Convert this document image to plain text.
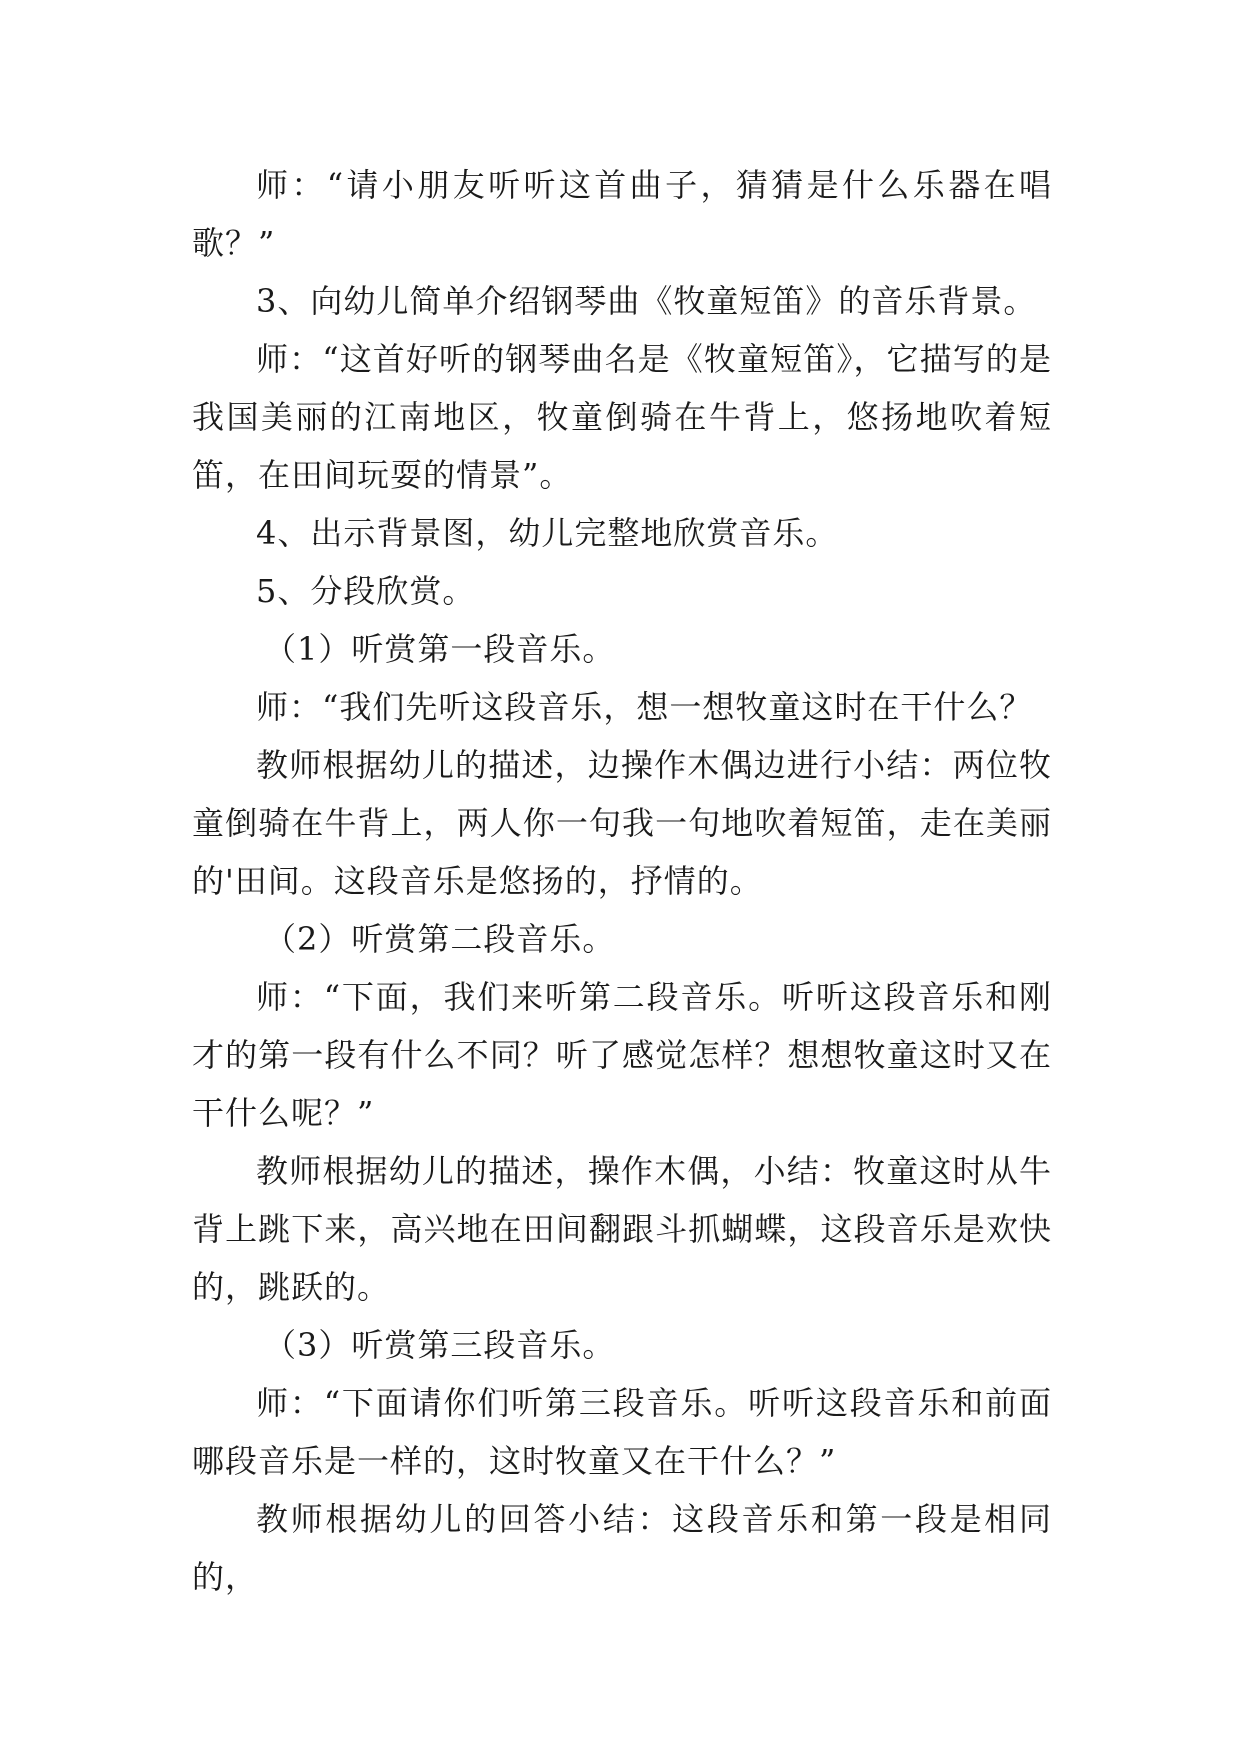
师：“请小朋友听听这首曲子，猜猜是什么乐器在唱歌？”

3、向幼儿简单介绍钢琴曲《牧童短笛》的音乐背景。

师：“这首好听的钢琴曲名是《牧童短笛》，它描写的是我国美丽的江南地区，牧童倒骑在牛背上，悠扬地吹着短笛，在田间玩耍的情景”。

4、出示背景图，幼儿完整地欣赏音乐。

5、分段欣赏。

（1）听赏第一段音乐。

师：“我们先听这段音乐，想一想牧童这时在干什么？

教师根据幼儿的描述，边操作木偶边进行小结：两位牧童倒骑在牛背上，两人你一句我一句地吹着短笛，走在美丽的'田间。这段音乐是悠扬的，抒情的。

（2）听赏第二段音乐。

师：“下面，我们来听第二段音乐。听听这段音乐和刚才的第一段有什么不同？听了感觉怎样？想想牧童这时又在干什么呢？”

教师根据幼儿的描述，操作木偶，小结：牧童这时从牛背上跳下来，高兴地在田间翻跟斗抓蝴蝶，这段音乐是欢快的，跳跃的。

（3）听赏第三段音乐。

师：“下面请你们听第三段音乐。听听这段音乐和前面哪段音乐是一样的，这时牧童又在干什么？”

教师根据幼儿的回答小结：这段音乐和第一段是相同的，
